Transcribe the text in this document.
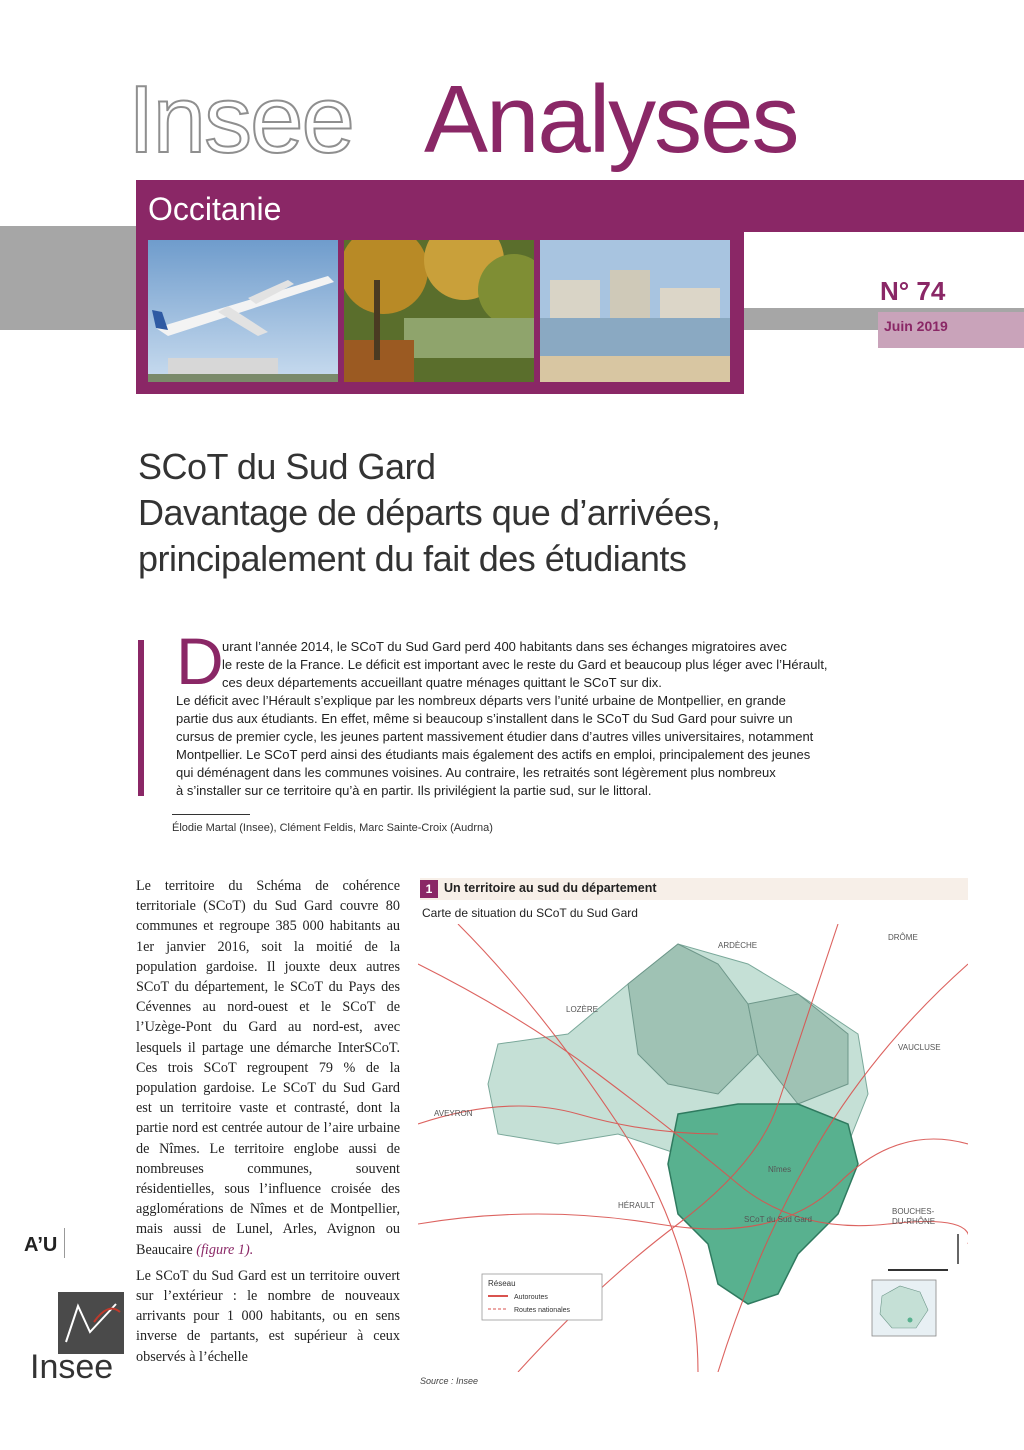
Insee Analyses
Occitanie
N° 74
Juin 2019
SCoT du Sud Gard
Davantage de départs que d’arrivées,
principalement du fait des étudiants
D
urant l’année 2014, le SCoT du Sud Gard perd 400 habitants dans ses échanges migratoires avec
le reste de la France. Le déficit est important avec le reste du Gard et beaucoup plus léger avec l’Hérault,
ces deux départements accueillant quatre ménages quittant le SCoT sur dix.
Le déficit avec l’Hérault s’explique par les nombreux départs vers l’unité urbaine de Montpellier, en grande
partie dus aux étudiants. En effet, même si beaucoup s’installent dans le SCoT du Sud Gard pour suivre un
cursus de premier cycle, les jeunes partent massivement étudier dans d’autres villes universitaires, notamment
Montpellier. Le SCoT perd ainsi des étudiants mais également des actifs en emploi, principalement des jeunes
qui déménagent dans les communes voisines. Au contraire, les retraités sont légèrement plus nombreux
à s’installer sur ce territoire qu’à en partir. Ils privilégient la partie sud, sur le littoral.
Élodie Martal (Insee), Clément Feldis, Marc Sainte-Croix (Audrna)

Le territoire du Schéma de cohérence territoriale (SCoT) du Sud Gard couvre 80 communes et regroupe 385 000 habitants au 1er janvier 2016, soit la moitié de la population gardoise. Il jouxte deux autres SCoT du département, le SCoT du Pays des Cévennes au nord-ouest et le SCoT de l’Uzège-Pont du Gard au nord-est, avec lesquels il partage une démarche InterSCoT. Ces trois SCoT regroupent 79 % de la population gardoise. Le SCoT du Sud Gard est un territoire vaste et contrasté, dont la partie nord est centrée autour de l’aire urbaine de Nîmes. Le territoire englobe aussi de nombreuses communes, souvent résidentielles, sous l’influence croisée des agglomérations de Nîmes et de Montpellier, mais aussi de Lunel, Arles, Avignon ou Beaucaire (figure 1).

Le SCoT du Sud Gard est un territoire ouvert sur l’extérieur : le nombre de nouveaux arrivants pour 1 000 habitants, ou en sens inverse de partants, est supérieur à ceux observés à l’échelle

1 Un territoire au sud du département
Carte de situation du SCoT du Sud Gard
ARDÈCHE
DRÔME
LOZÈRE
VAUCLUSE
AVEYRON
HÉRAULT
BOUCHES-
DU-RHÔNE
Nîmes
SCoT du Sud Gard
Réseau
Autoroutes
Routes nationales
Source : Insee
A’U
Insee
